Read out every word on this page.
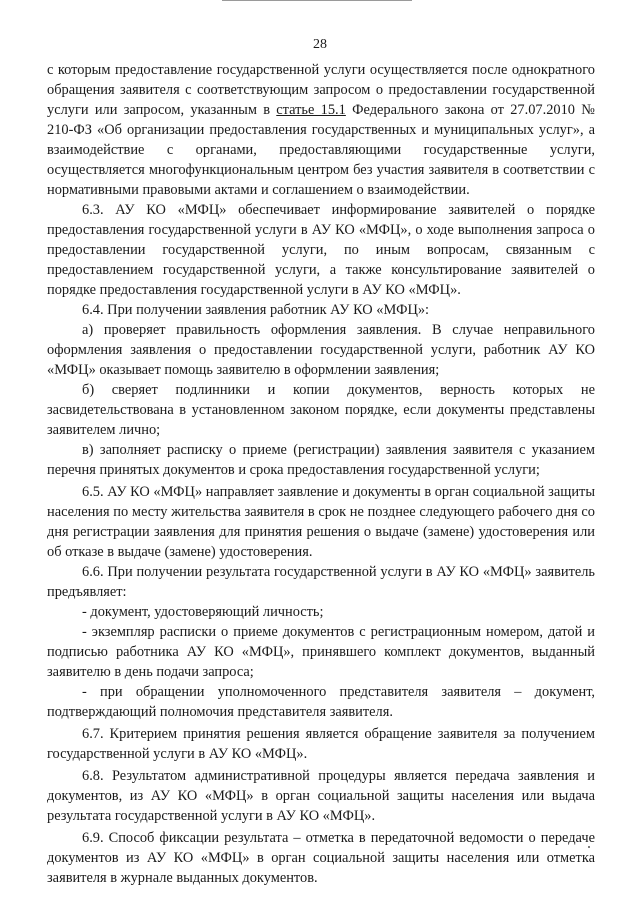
28

с которым предоставление государственной услуги осуществляется после однократного обращения заявителя с соответствующим запросом о предоставлении государственной услуги или запросом, указанным в статье 15.1 Федерального закона от 27.07.2010 № 210-ФЗ «Об организации предоставления государственных и муниципальных услуг», а взаимодействие с органами, предоставляющими государственные услуги, осуществляется многофункциональным центром без участия заявителя в соответствии с нормативными правовыми актами и соглашением о взаимодействии.

6.3. АУ КО «МФЦ» обеспечивает информирование заявителей о порядке предоставления государственной услуги в АУ КО «МФЦ», о ходе выполнения запроса о предоставлении государственной услуги, по иным вопросам, связанным с предоставлением государственной услуги, а также консультирование заявителей о порядке предоставления государственной услуги в АУ КО «МФЦ».

6.4. При получении заявления работник АУ КО «МФЦ»:

а) проверяет правильность оформления заявления. В случае неправильного оформления заявления о предоставлении государственной услуги, работник АУ КО «МФЦ» оказывает помощь заявителю в оформлении заявления;

б) сверяет подлинники и копии документов, верность которых не засвидетельствована в установленном законом порядке, если документы представлены заявителем лично;

в) заполняет расписку о приеме (регистрации) заявления заявителя с указанием перечня принятых документов и срока предоставления государственной услуги;

6.5. АУ КО «МФЦ» направляет заявление и документы в орган социальной защиты населения по месту жительства заявителя в срок не позднее следующего рабочего дня со дня регистрации заявления для принятия решения о выдаче (замене) удостоверения или об отказе в выдаче (замене) удостоверения.

6.6. При получении результата государственной услуги в АУ КО «МФЦ» заявитель предъявляет:

- документ, удостоверяющий личность;

- экземпляр расписки о приеме документов с регистрационным номером, датой и подписью работника АУ КО «МФЦ», принявшего комплект документов, выданный заявителю в день подачи запроса;

- при обращении уполномоченного представителя заявителя – документ, подтверждающий полномочия представителя заявителя.

6.7. Критерием принятия решения является обращение заявителя за получением государственной услуги в АУ КО «МФЦ».

6.8. Результатом административной процедуры является передача заявления и документов, из АУ КО «МФЦ» в орган социальной защиты населения или выдача результата государственной услуги в АУ КО «МФЦ».

6.9. Способ фиксации результата – отметка в передаточной ведомости о передаче документов из АУ КО «МФЦ» в орган социальной защиты населения или отметка заявителя в журнале выданных документов.
